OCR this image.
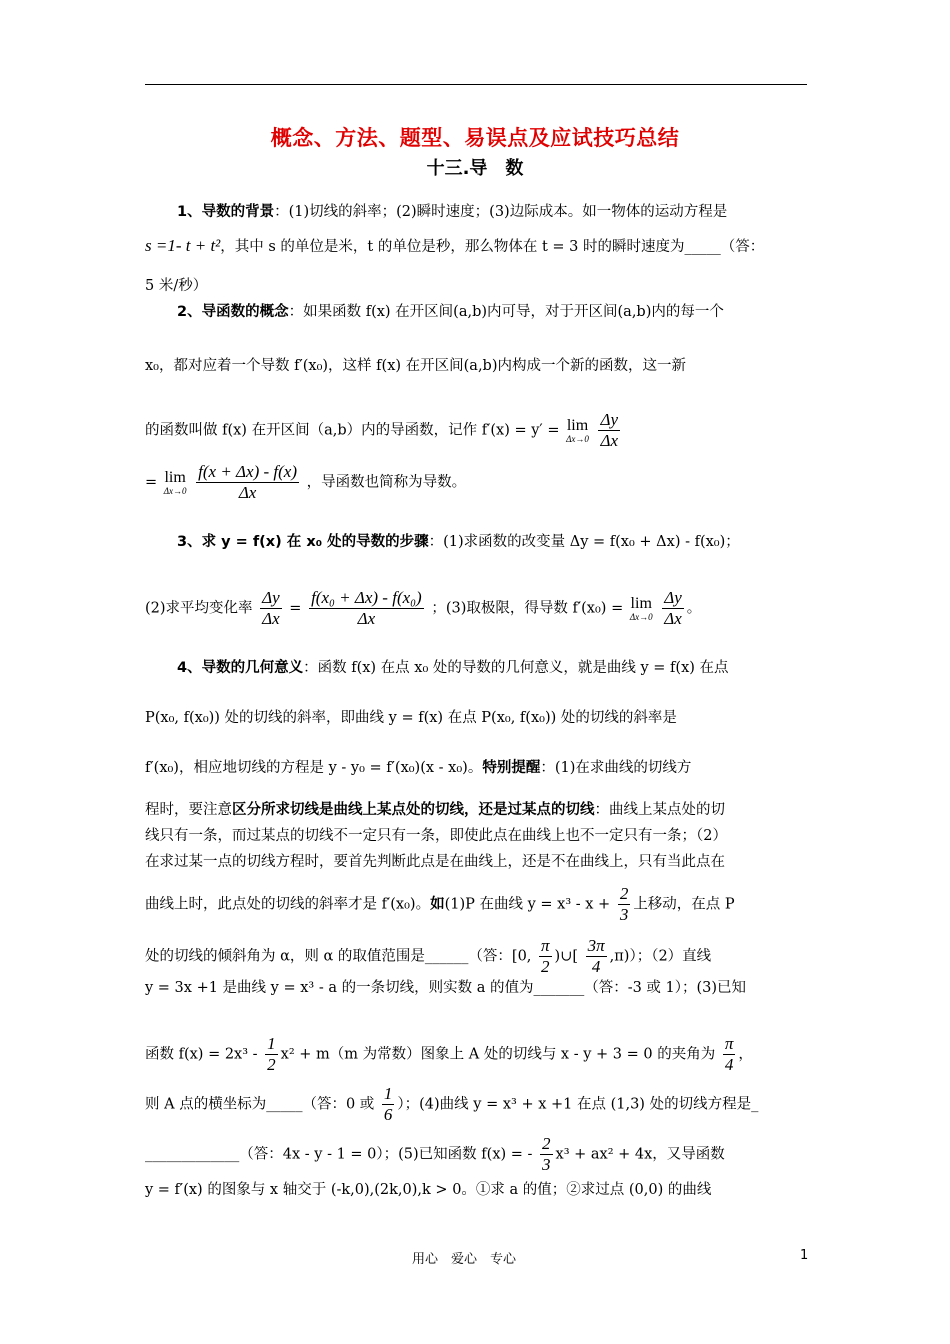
概念、方法、题型、易误点及应试技巧总结
十三.导　数
1、导数的背景：(1)切线的斜率；(2)瞬时速度；(3)边际成本。如一物体的运动方程是
s =1- t + t²，其中 s 的单位是米，t 的单位是秒，那么物体在 t = 3 时的瞬时速度为_____（答：
5 米/秒）
2、导函数的概念：如果函数 f(x) 在开区间(a,b)内可导，对于开区间(a,b)内的每一个
x₀，都对应着一个导数 f′(x₀)，这样 f(x) 在开区间(a,b)内构成一个新的函数，这一新
的函数叫做 f(x) 在开区间（a,b）内的导函数，记作 f′(x) = y′ = lim
Δx→0
$\frac{\Delta y}{\Delta x}$
= lim
Δx→0
$\frac{f(x + \Delta x) - f(x)}{\Delta x}$ ，导函数也简称为导数。
3、求 y = f(x) 在 x₀ 处的导数的步骤：(1)求函数的改变量 Δy = f(x₀ + Δx) - f(x₀)；
(2)求平均变化率 $\frac{\Delta y}{\Delta x} = \frac{\text{f(x₀ + Δx) - f(x₀)}}{\Delta x}$ ；(3)取极限，得导数 f′(x₀) = lim
Δx→0
$\frac{\Delta y}{\Delta x}$ 。
4、导数的几何意义：函数 f(x) 在点 x₀ 处的导数的几何意义，就是曲线 y = f(x) 在点
P(x₀, f(x₀)) 处的切线的斜率，即曲线 y = f(x) 在点 P(x₀, f(x₀)) 处的切线的斜率是
f′(x₀)，相应地切线的方程是 y - y₀ = f′(x₀)(x - x₀)。特别提醒：(1)在求曲线的切线方
程时，要注意区分所求切线是曲线上某点处的切线，还是过某点的切线：曲线上某点处的切
线只有一条，而过某点的切线不一定只有一条，即使此点在曲线上也不一定只有一条；（2）
在求过某一点的切线方程时，要首先判断此点是在曲线上，还是不在曲线上，只有当此点在
曲线上时，此点处的切线的斜率才是 f′(x₀)。如(1)P 在曲线 $y = x^3 - x + \frac{2}{3}$ 上移动，在点 P
处的切线的倾斜角为 α，则 α 的取值范围是______（答：[0, $\frac{\pi}{2}$ )∪[ $\frac{3\pi}{4} ,\pi$)）；（2）直线
y = 3x +1 是曲线 y = x³ - a 的一条切线，则实数 a 的值为_______（答：-3 或 1）；(3)已知
函数 $f(x) = 2x^3 - \frac{1}{2} x^2 + m(m$ 为常数）图象上 A 处的切线与 x - y + 3 = 0 的夹角为 $\frac{\pi}{4}$ ，
则 A 点的横坐标为_____（答：0 或 $\frac{1}{6}$ ）；(4)曲线 y = x³ + x +1 在点 (1,3) 处的切线方程是_
_____________（答：4x - y - 1 = 0）；(5)已知函数 f(x) = - $\frac{2}{3} x^3 + ax^2 + 4x$，又导函数
y = f′(x) 的图象与 x 轴交于 (-k,0),(2k,0),k > 0。①求 a 的值；②求过点 (0,0) 的曲线
用心　爱心　专心	1
